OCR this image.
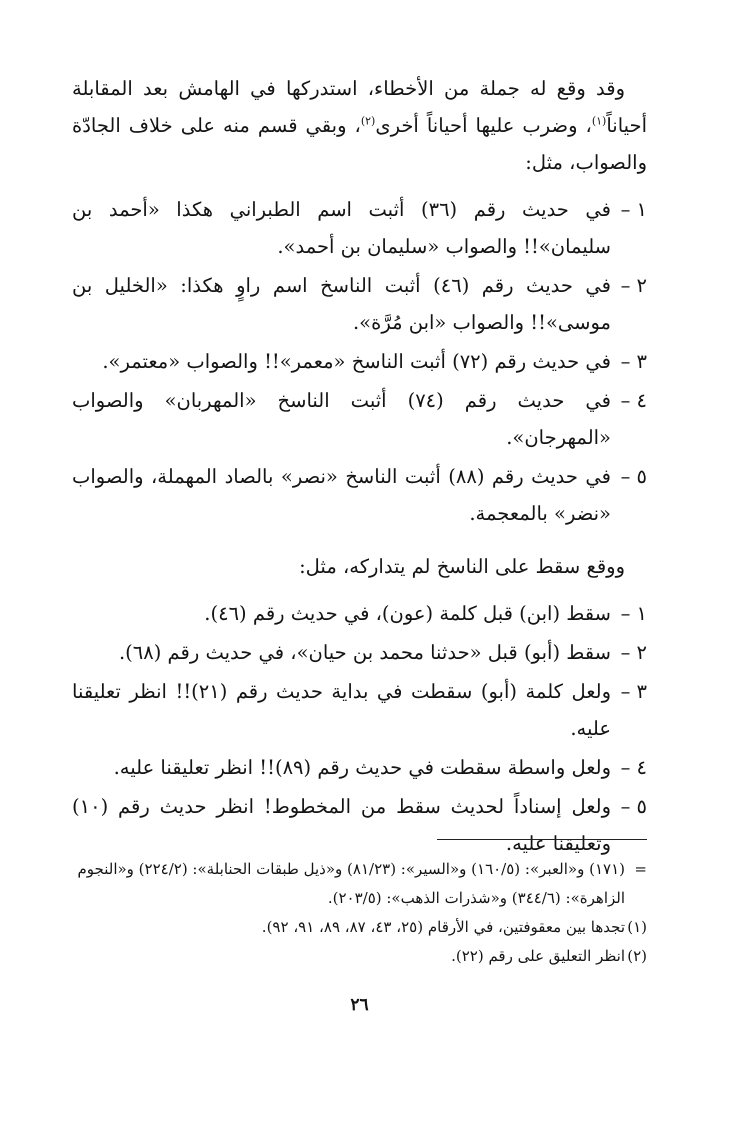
وقد وقع له جملة من الأخطاء، استدركها في الهامش بعد المقابلة أحياناً$^{(١)}$، وضرب عليها أحياناً أخرى$^{(٢)}$، وبقي قسم منه على خلاف الجادّة والصواب، مثل:

١ –
في حديث رقم (٣٦) أثبت اسم الطبراني هكذا «أحمد بن سليمان»!! والصواب «سليمان بن أحمد».
٢ –
في حديث رقم (٤٦) أثبت الناسخ اسم راوٍ هكذا: «الخليل بن موسى»!! والصواب «ابن مُرَّة».
٣ –
في حديث رقم (٧٢) أثبت الناسخ «معمر»!! والصواب «معتمر».
٤ –
في حديث رقم (٧٤) أثبت الناسخ «المهربان» والصواب «المهرجان».
٥ –
في حديث رقم (٨٨) أثبت الناسخ «نصر» بالصاد المهملة، والصواب «نضر» بالمعجمة.

ووقع سقط على الناسخ لم يتداركه، مثل:

١ –
سقط (ابن) قبل كلمة (عون)، في حديث رقم (٤٦).
٢ –
سقط (أبو) قبل «حدثنا محمد بن حيان»، في حديث رقم (٦٨).
٣ –
ولعل كلمة (أبو) سقطت في بداية حديث رقم (٢١)!! انظر تعليقنا عليه.
٤ –
ولعل واسطة سقطت في حديث رقم (٨٩)!! انظر تعليقنا عليه.
٥ –
ولعل إسناداً لحديث سقط من المخطوط! انظر حديث رقم (١٠) وتعليقنا عليه.
=
(١٧١) و«العبر»: (١٦٠/٥) و«السير»: (٨١/٢٣) و«ذيل طبقات الحنابلة»: (٢٢٤/٢) و«النجوم الزاهرة»: (٣٤٤/٦) و«شذرات الذهب»: (٢٠٣/٥).
(١)
تجدها بين معقوفتين، في الأرقام (٢٥، ٤٣، ٨٧، ٨٩، ٩١، ٩٢).
(٢)
انظر التعليق على رقم (٢٢).
٢٦
